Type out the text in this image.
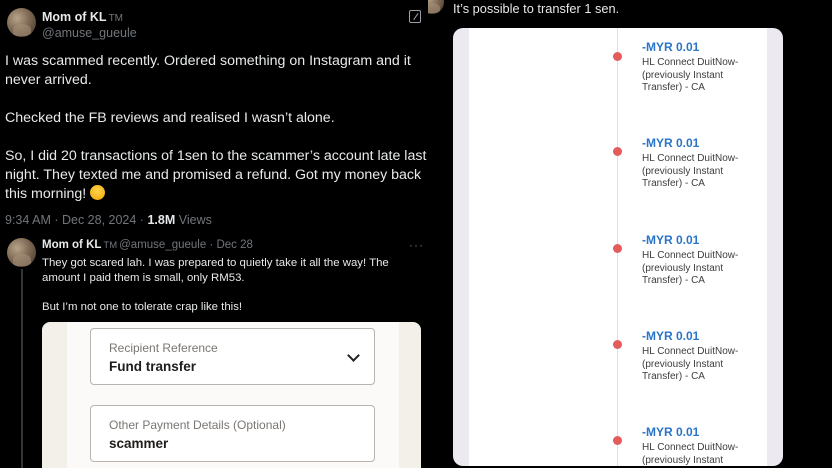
Mom of KL TM
@amuse_gueule

I was scammed recently. Ordered something on Instagram and it never arrived.

Checked the FB reviews and realised I wasn’t alone.

So, I did 20 transactions of 1sen to the scammer’s account late last night. They texted me and promised a refund. Got my money back this morning!

9:34 AM · Dec 28, 2024 · 1.8M Views
Mom of KL TM @amuse_gueule · Dec 28	···

They got scared lah. I was prepared to quietly take it all the way! The amount I paid them is small, only RM53.

But I’m not one to tolerate crap like this!

Recipient Reference
Fund transfer
Other Payment Details (Optional)
scammer
It’s possible to transfer 1 sen.
-MYR 0.01
HL Connect DuitNow-
(previously Instant
Transfer) - CA
-MYR 0.01
HL Connect DuitNow-
(previously Instant
Transfer) - CA
-MYR 0.01
HL Connect DuitNow-
(previously Instant
Transfer) - CA
-MYR 0.01
HL Connect DuitNow-
(previously Instant
Transfer) - CA
-MYR 0.01
HL Connect DuitNow-
(previously Instant
